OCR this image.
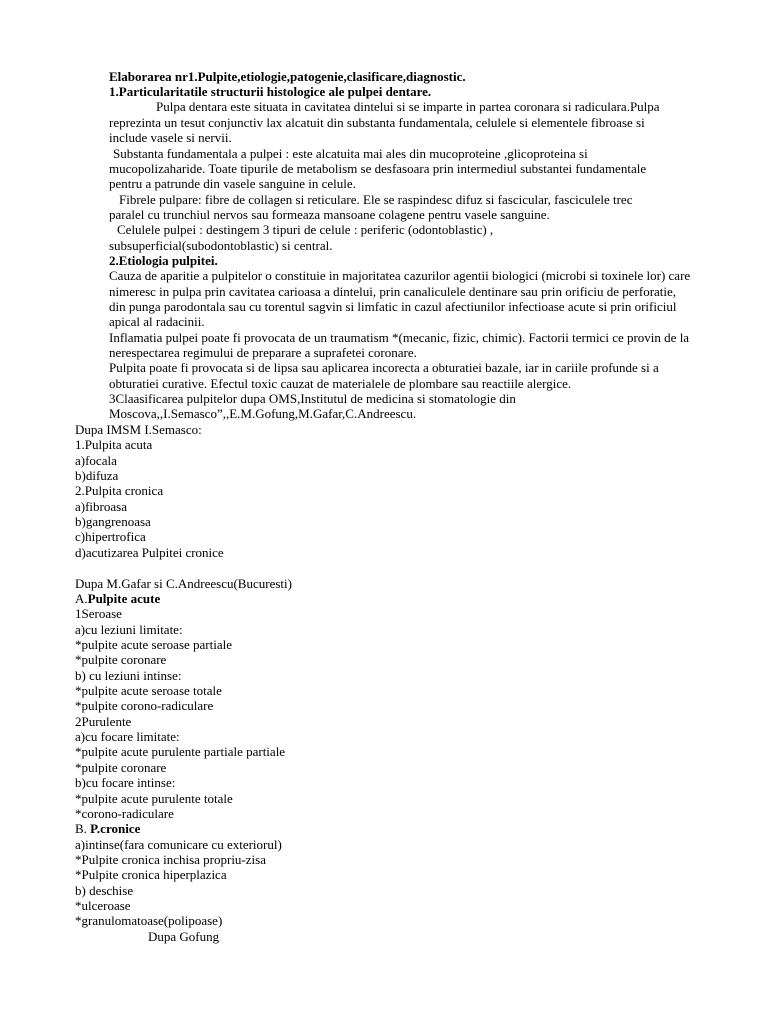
Elaborarea nr1.Pulpite,etiologie,patogenie,clasificare,diagnostic.
1.Particularitatile structurii histologice ale pulpei dentare.
Pulpa dentara este situata in cavitatea dintelui si se imparte in partea coronara si radiculara.Pulpa
reprezinta un tesut conjunctiv lax alcatuit din substanta fundamentala, celulele si elementele fibroase si
include vasele si nervii.
Substanta fundamentala a pulpei : este alcatuita mai ales din mucoproteine ,glicoproteina si
mucopolizaharide. Toate tipurile de metabolism se desfasoara prin intermediul substantei fundamentale
pentru a patrunde din vasele sanguine in celule.
Fibrele pulpare: fibre de collagen si reticulare. Ele se raspindesc difuz si fascicular, fasciculele trec
paralel cu trunchiul nervos sau formeaza mansoane colagene pentru vasele sanguine.
Celulele pulpei : destingem 3 tipuri de celule : periferic (odontoblastic) ,
subsuperficial(subodontoblastic) si central.
2.Etiologia pulpitei.
Cauza de aparitie a pulpitelor o constituie in majoritatea cazurilor agentii biologici (microbi si toxinele lor) care
nimeresc in pulpa prin cavitatea carioasa a dintelui, prin canaliculele dentinare sau prin orificiu de perforatie,
din punga parodontala sau cu torentul sagvin si limfatic in cazul afectiunilor infectioase acute si prin orificiul
apical al radacinii.
Inflamatia pulpei poate fi provocata de un traumatism *(mecanic, fizic, chimic). Factorii termici ce provin de la
nerespectarea regimului de preparare a suprafetei coronare.
Pulpita poate fi provocata si de lipsa sau aplicarea incorecta a obturatiei bazale, iar in cariile profunde si a
obturatiei curative. Efectul toxic cauzat de materialele de plombare sau reactiile alergice.
3Claasificarea pulpitelor dupa OMS,Institutul de medicina si stomatologie din
Moscova,,I.Semasco”,,E.M.Gofung,M.Gafar,C.Andreescu.
Dupa IMSM I.Semasco:
1.Pulpita acuta
a)focala
b)difuza
2.Pulpita cronica
a)fibroasa
b)gangrenoasa
c)hipertrofica
d)acutizarea Pulpitei cronice
Dupa M.Gafar si C.Andreescu(Bucuresti)
A.Pulpite acute
1Seroase
a)cu leziuni limitate:
*pulpite acute seroase partiale
*pulpite coronare
b) cu leziuni intinse:
*pulpite acute seroase totale
*pulpite corono-radiculare
2Purulente
a)cu focare limitate:
*pulpite acute purulente partiale partiale
*pulpite coronare
b)cu focare intinse:
*pulpite acute purulente totale
*corono-radiculare
B. P.cronice
a)intinse(fara comunicare cu exteriorul)
*Pulpite cronica inchisa propriu-zisa
*Pulpite cronica hiperplazica
b) deschise
*ulceroase
*granulomatoase(polipoase)
Dupa Gofung
